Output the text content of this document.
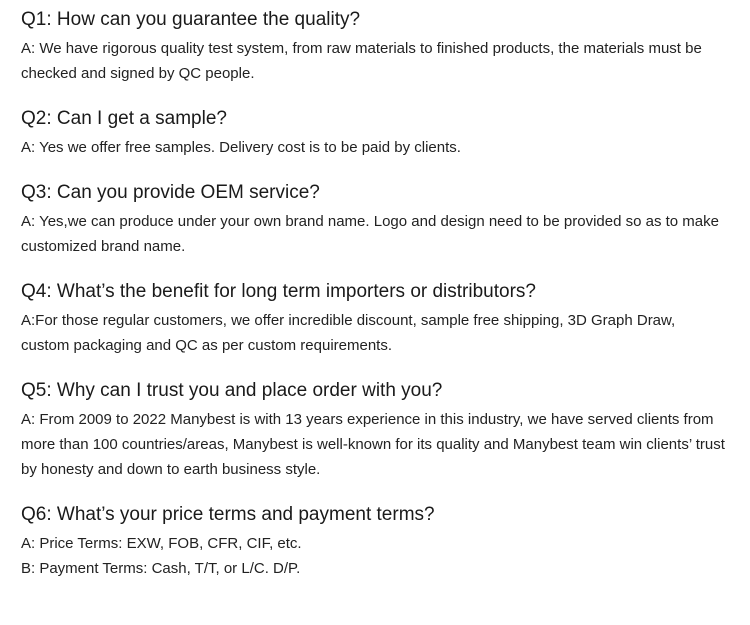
Q1: How can you guarantee the quality?

A: We have rigorous quality test system, from raw materials to finished products, the materials must be checked and signed by QC people.

Q2: Can I get a sample?

A: Yes we offer free samples. Delivery cost is to be paid by clients.

Q3: Can you provide OEM service?

A: Yes,we can produce under your own brand name. Logo and design need to be provided so as to make customized brand name.

Q4: What’s the benefit for long term importers or distributors?

A:For those regular customers, we offer incredible discount, sample free shipping, 3D Graph Draw, custom packaging and QC as per custom requirements.

Q5: Why can I trust you and place order with you?

A: From 2009 to 2022 Manybest is with 13 years experience in this industry, we have served clients from more than 100 countries/areas, Manybest is well-known for its quality and Manybest team win clients’ trust by honesty and down to earth business style.

Q6: What’s your price terms and payment terms?

A: Price Terms: EXW, FOB, CFR, CIF, etc.

B: Payment Terms: Cash, T/T, or L/C. D/P.
